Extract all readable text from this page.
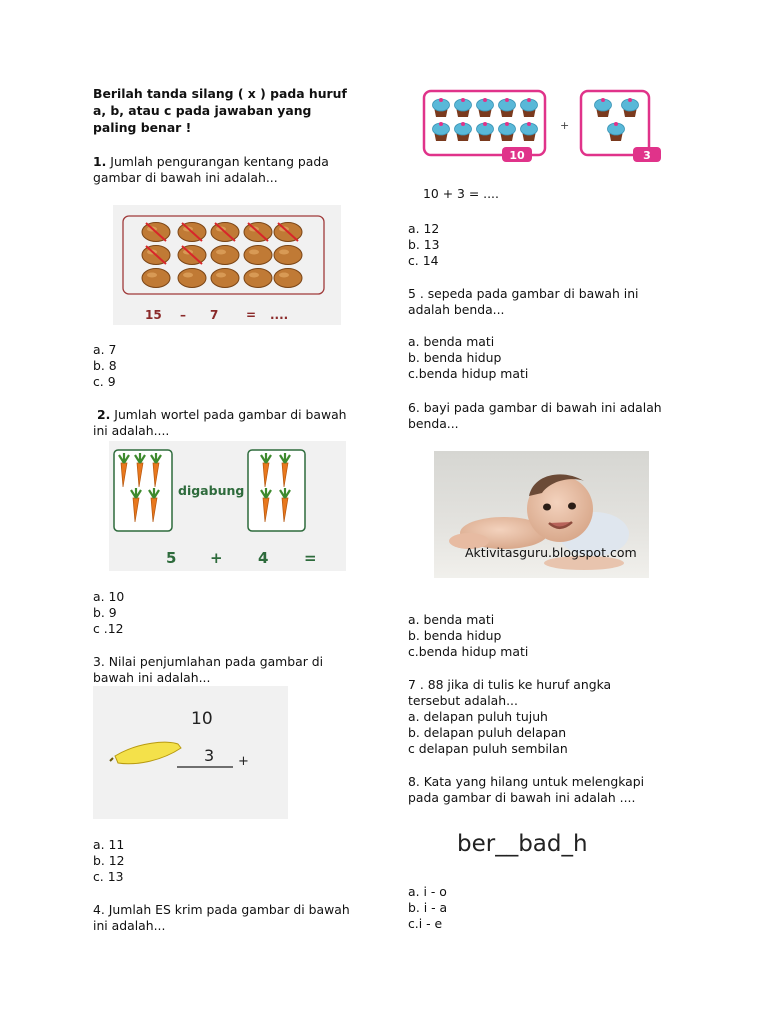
Berilah tanda silang ( x ) pada huruf
a, b, atau c pada jawaban yang
paling benar !
1. Jumlah pengurangan kentang pada
gambar di bawah ini adalah...
15 – 7 = ....
a. 7
b. 8
c. 9
2. Jumlah wortel pada gambar di bawah
ini adalah....
digabung
5 + 4 =
a. 10
b. 9
c .12
3. Nilai penjumlahan pada gambar di
bawah ini adalah...
10
3 +
a. 11
b. 12
c. 13
4. Jumlah ES krim pada gambar di bawah
ini adalah...
10	3
+
10 + 3 = ....
a. 12
b. 13
c. 14
5 . sepeda pada gambar di bawah ini
adalah benda...
a. benda mati
b. benda hidup
c.benda hidup mati
6. bayi pada gambar di bawah ini adalah
benda...
Aktivitasguru.blogspot.com
a. benda mati
b. benda hidup
c.benda hidup mati
7 . 88 jika di tulis ke huruf angka
tersebut adalah...
a. delapan puluh tujuh
b. delapan puluh delapan
c delapan puluh sembilan
8. Kata yang hilang untuk melengkapi
pada gambar di bawah ini adalah ....
ber__bad_h
a. i - o
b. i - a
c.i - e
